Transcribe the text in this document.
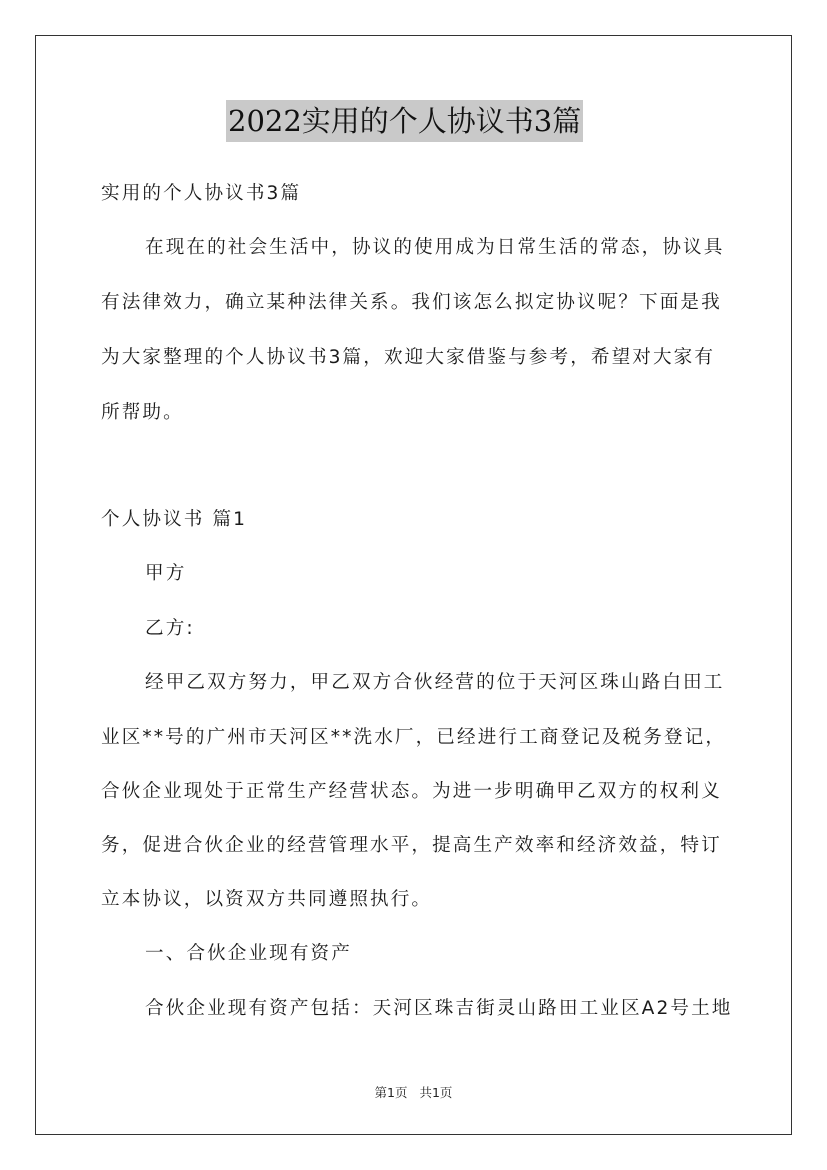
2022实用的个人协议书3篇
实用的个人协议书3篇
在现在的社会生活中，协议的使用成为日常生活的常态，协议具
有法律效力，确立某种法律关系。我们该怎么拟定协议呢？下面是我
为大家整理的个人协议书3篇，欢迎大家借鉴与参考，希望对大家有
所帮助。
个人协议书 篇1
甲方
乙方:
经甲乙双方努力，甲乙双方合伙经营的位于天河区珠山路白田工
业区**号的广州市天河区**洗水厂，已经进行工商登记及税务登记，
合伙企业现处于正常生产经营状态。为进一步明确甲乙双方的权利义
务，促进合伙企业的经营管理水平，提高生产效率和经济效益，特订
立本协议，以资双方共同遵照执行。
一、合伙企业现有资产
合伙企业现有资产包括：天河区珠吉街灵山路田工业区A2号土地
第1页 共1页
